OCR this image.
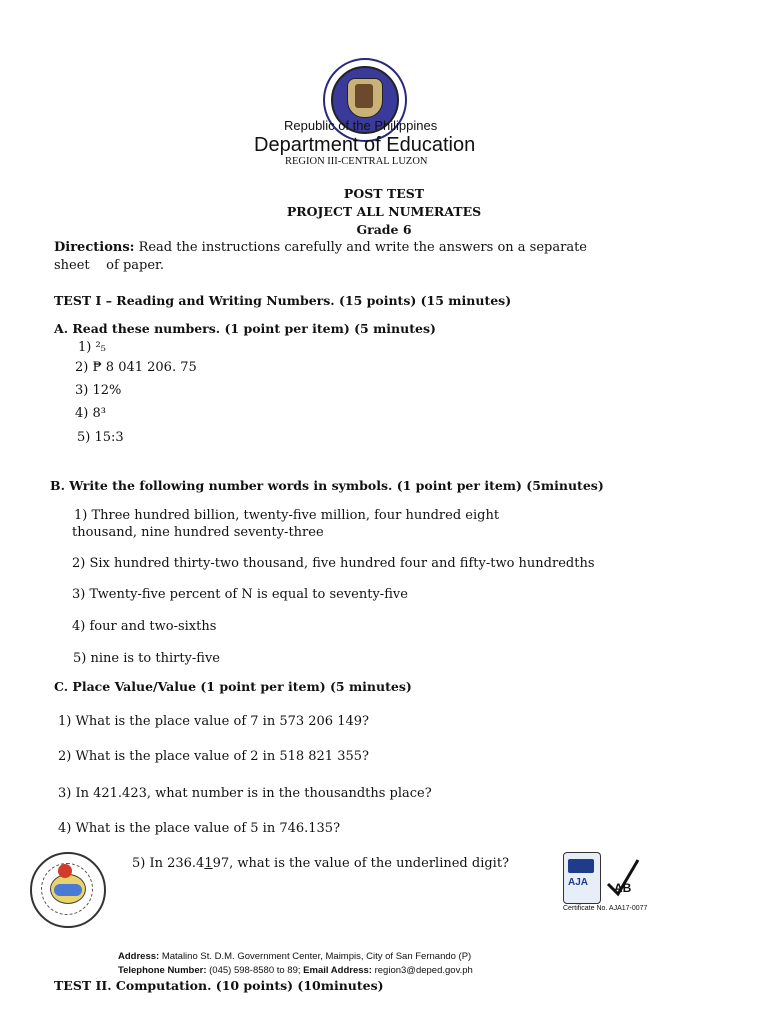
Republic of the Philippines
Department of Education
REGION III-CENTRAL LUZON
POST TEST
PROJECT ALL NUMERATES
Grade 6
Directions: Read the instructions carefully and write the answers on a separate
sheet    of paper.
TEST I – Reading and Writing Numbers. (15 points) (15 minutes)
A. Read these numbers. (1 point per item) (5 minutes)
1) ²₅
2) ₱ 8 041 206. 75
3) 12%
4) 8³
5) 15:3
B. Write the following number words in symbols. (1 point per item) (5minutes)
1) Three hundred billion, twenty-five million, four hundred eight
thousand, nine hundred seventy-three
2) Six hundred thirty-two thousand, five hundred four and fifty-two hundredths
3) Twenty-five percent of N is equal to seventy-five
4) four and two-sixths
5) nine is to thirty-five
C. Place Value/Value (1 point per item) (5 minutes)
1) What is the place value of 7 in 573 206 149?
2) What is the place value of 2 in 518 821 355?
3) In 421.423, what number is in the thousandths place?
4) What is the place value of 5 in 746.135?
5) In 236.4197, what is the value of the underlined digit?
AJA AB
Certificate No. AJA17-0077
Address: Matalino St. D.M. Government Center, Maimpis, City of San Fernando (P)
Telephone Number: (045) 598-8580 to 89; Email Address: region3@deped.gov.ph
TEST II. Computation. (10 points) (10minutes)
